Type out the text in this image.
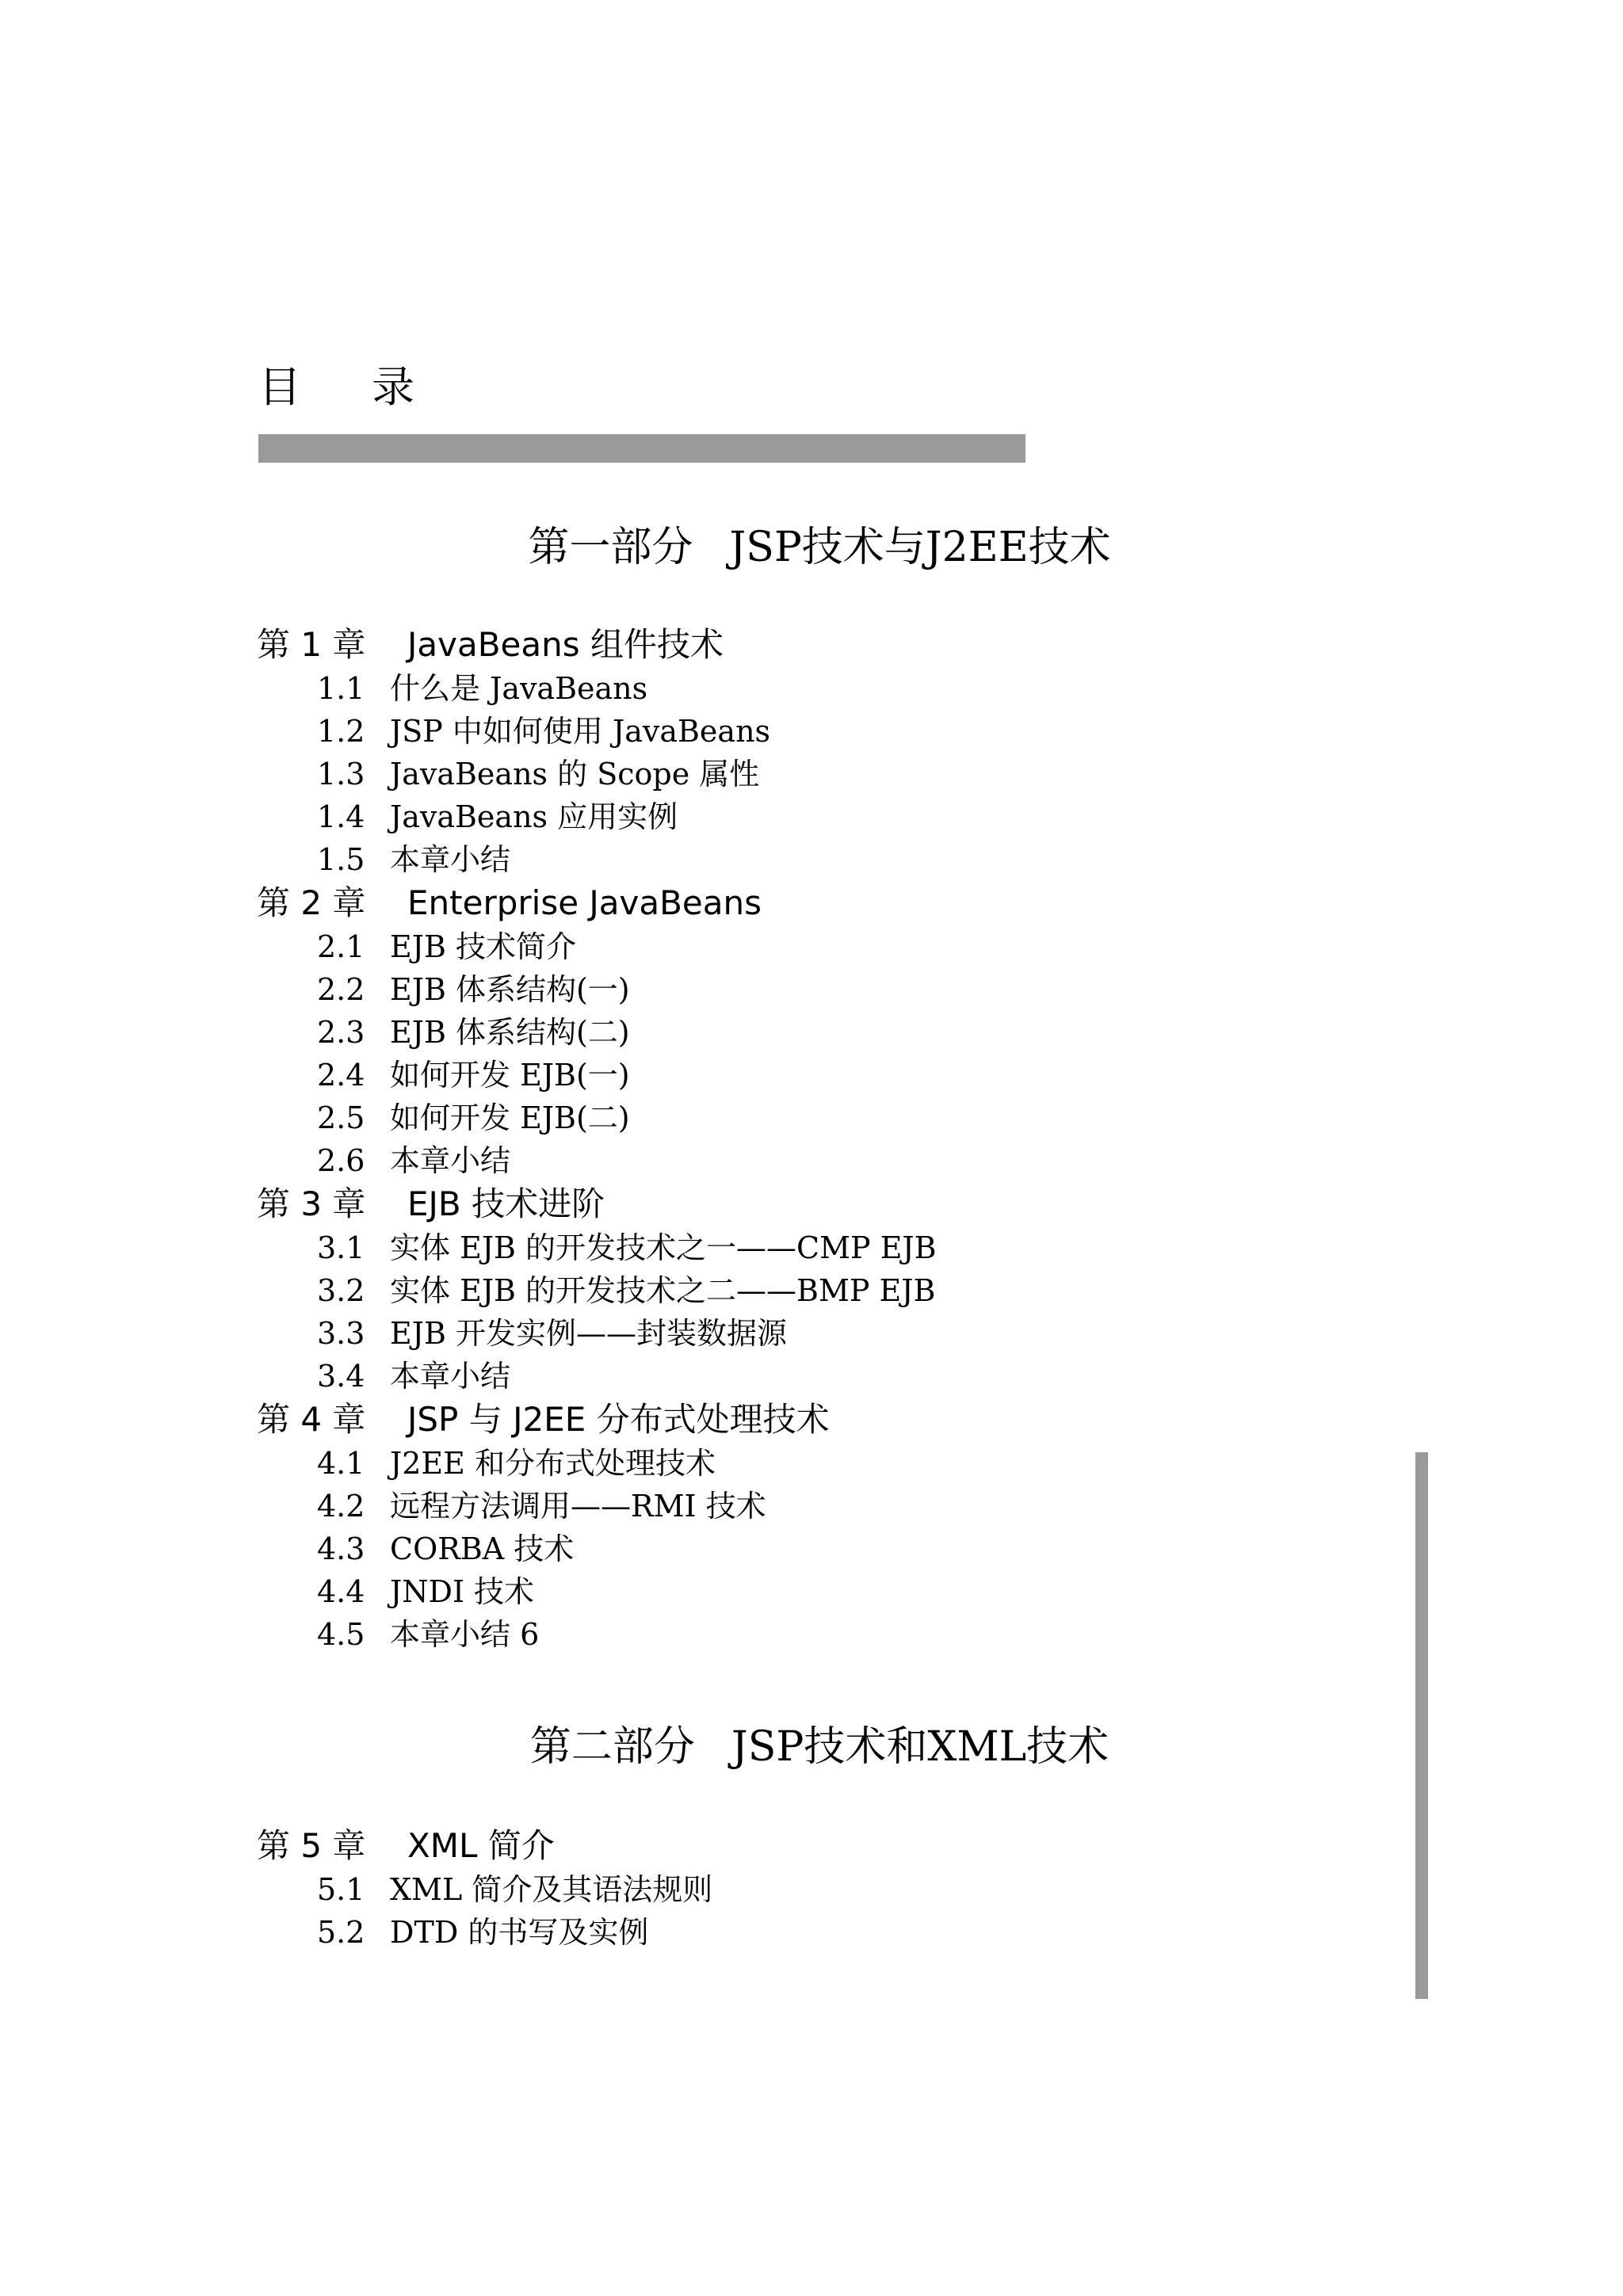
目 录
第一部分 JSP技术与J2EE技术
第 1 章 JavaBeans 组件技术
1.1 什么是 JavaBeans
1.2 JSP 中如何使用 JavaBeans
1.3 JavaBeans 的 Scope 属性
1.4 JavaBeans 应用实例
1.5 本章小结
第 2 章 Enterprise JavaBeans
2.1 EJB 技术简介
2.2 EJB 体系结构(一)
2.3 EJB 体系结构(二)
2.4 如何开发 EJB(一)
2.5 如何开发 EJB(二)
2.6 本章小结
第 3 章 EJB 技术进阶
3.1 实体 EJB 的开发技术之一——CMP EJB
3.2 实体 EJB 的开发技术之二——BMP EJB
3.3 EJB 开发实例——封装数据源
3.4 本章小结
第 4 章 JSP 与 J2EE 分布式处理技术
4.1 J2EE 和分布式处理技术
4.2 远程方法调用——RMI 技术
4.3 CORBA 技术
4.4 JNDI 技术
4.5 本章小结 6
第二部分 JSP技术和XML技术
第 5 章 XML 简介
5.1 XML 简介及其语法规则
5.2 DTD 的书写及实例
